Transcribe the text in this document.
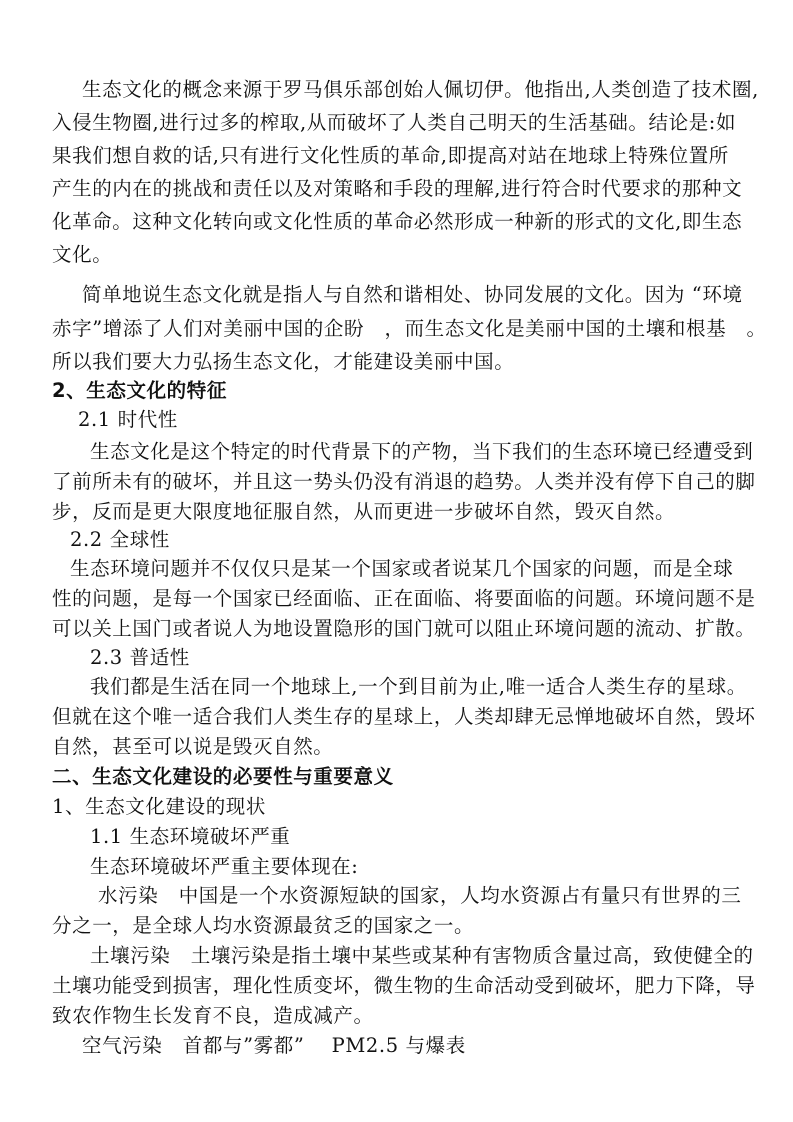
生态文化的概念来源于罗马俱乐部创始人佩切伊。他指出,人类创造了技术圈,
入侵生物圈,进行过多的榨取,从而破坏了人类自己明天的生活基础。结论是:如
果我们想自救的话,只有进行文化性质的革命,即提高对站在地球上特殊位置所
产生的内在的挑战和责任以及对策略和手段的理解,进行符合时代要求的那种文
化革命。这种文化转向或文化性质的革命必然形成一种新的形式的文化,即生态
文化。
简单地说生态文化就是指人与自然和谐相处、协同发展的文化。因为 “环境
赤字”增添了人们对美丽中国的企盼   ，而生态文化是美丽中国的土壤和根基   。
所以我们要大力弘扬生态文化，才能建设美丽中国。
2、生态文化的特征
2.1 时代性
生态文化是这个特定的时代背景下的产物，当下我们的生态环境已经遭受到
了前所未有的破坏，并且这一势头仍没有消退的趋势。人类并没有停下自己的脚
步，反而是更大限度地征服自然，从而更进一步破坏自然，毁灭自然。
2.2 全球性
生态环境问题并不仅仅只是某一个国家或者说某几个国家的问题，而是全球
性的问题，是每一个国家已经面临、正在面临、将要面临的问题。环境问题不是
可以关上国门或者说人为地设置隐形的国门就可以阻止环境问题的流动、扩散。
2.3 普适性
我们都是生活在同一个地球上,一个到目前为止,唯一适合人类生存的星球。
但就在这个唯一适合我们人类生存的星球上，人类却肆无忌惮地破坏自然，毁坏
自然，甚至可以说是毁灭自然。
二、生态文化建设的必要性与重要意义
1、生态文化建设的现状
1.1 生态环境破坏严重
生态环境破坏严重主要体现在:
水污染   中国是一个水资源短缺的国家，人均水资源占有量只有世界的三
分之一，是全球人均水资源最贫乏的国家之一。
土壤污染   土壤污染是指土壤中某些或某种有害物质含量过高，致使健全的
土壤功能受到损害，理化性质变坏，微生物的生命活动受到破坏，肥力下降，导
致农作物生长发育不良，造成减产。
空气污染   首都与”雾都”    PM2.5 与爆表
